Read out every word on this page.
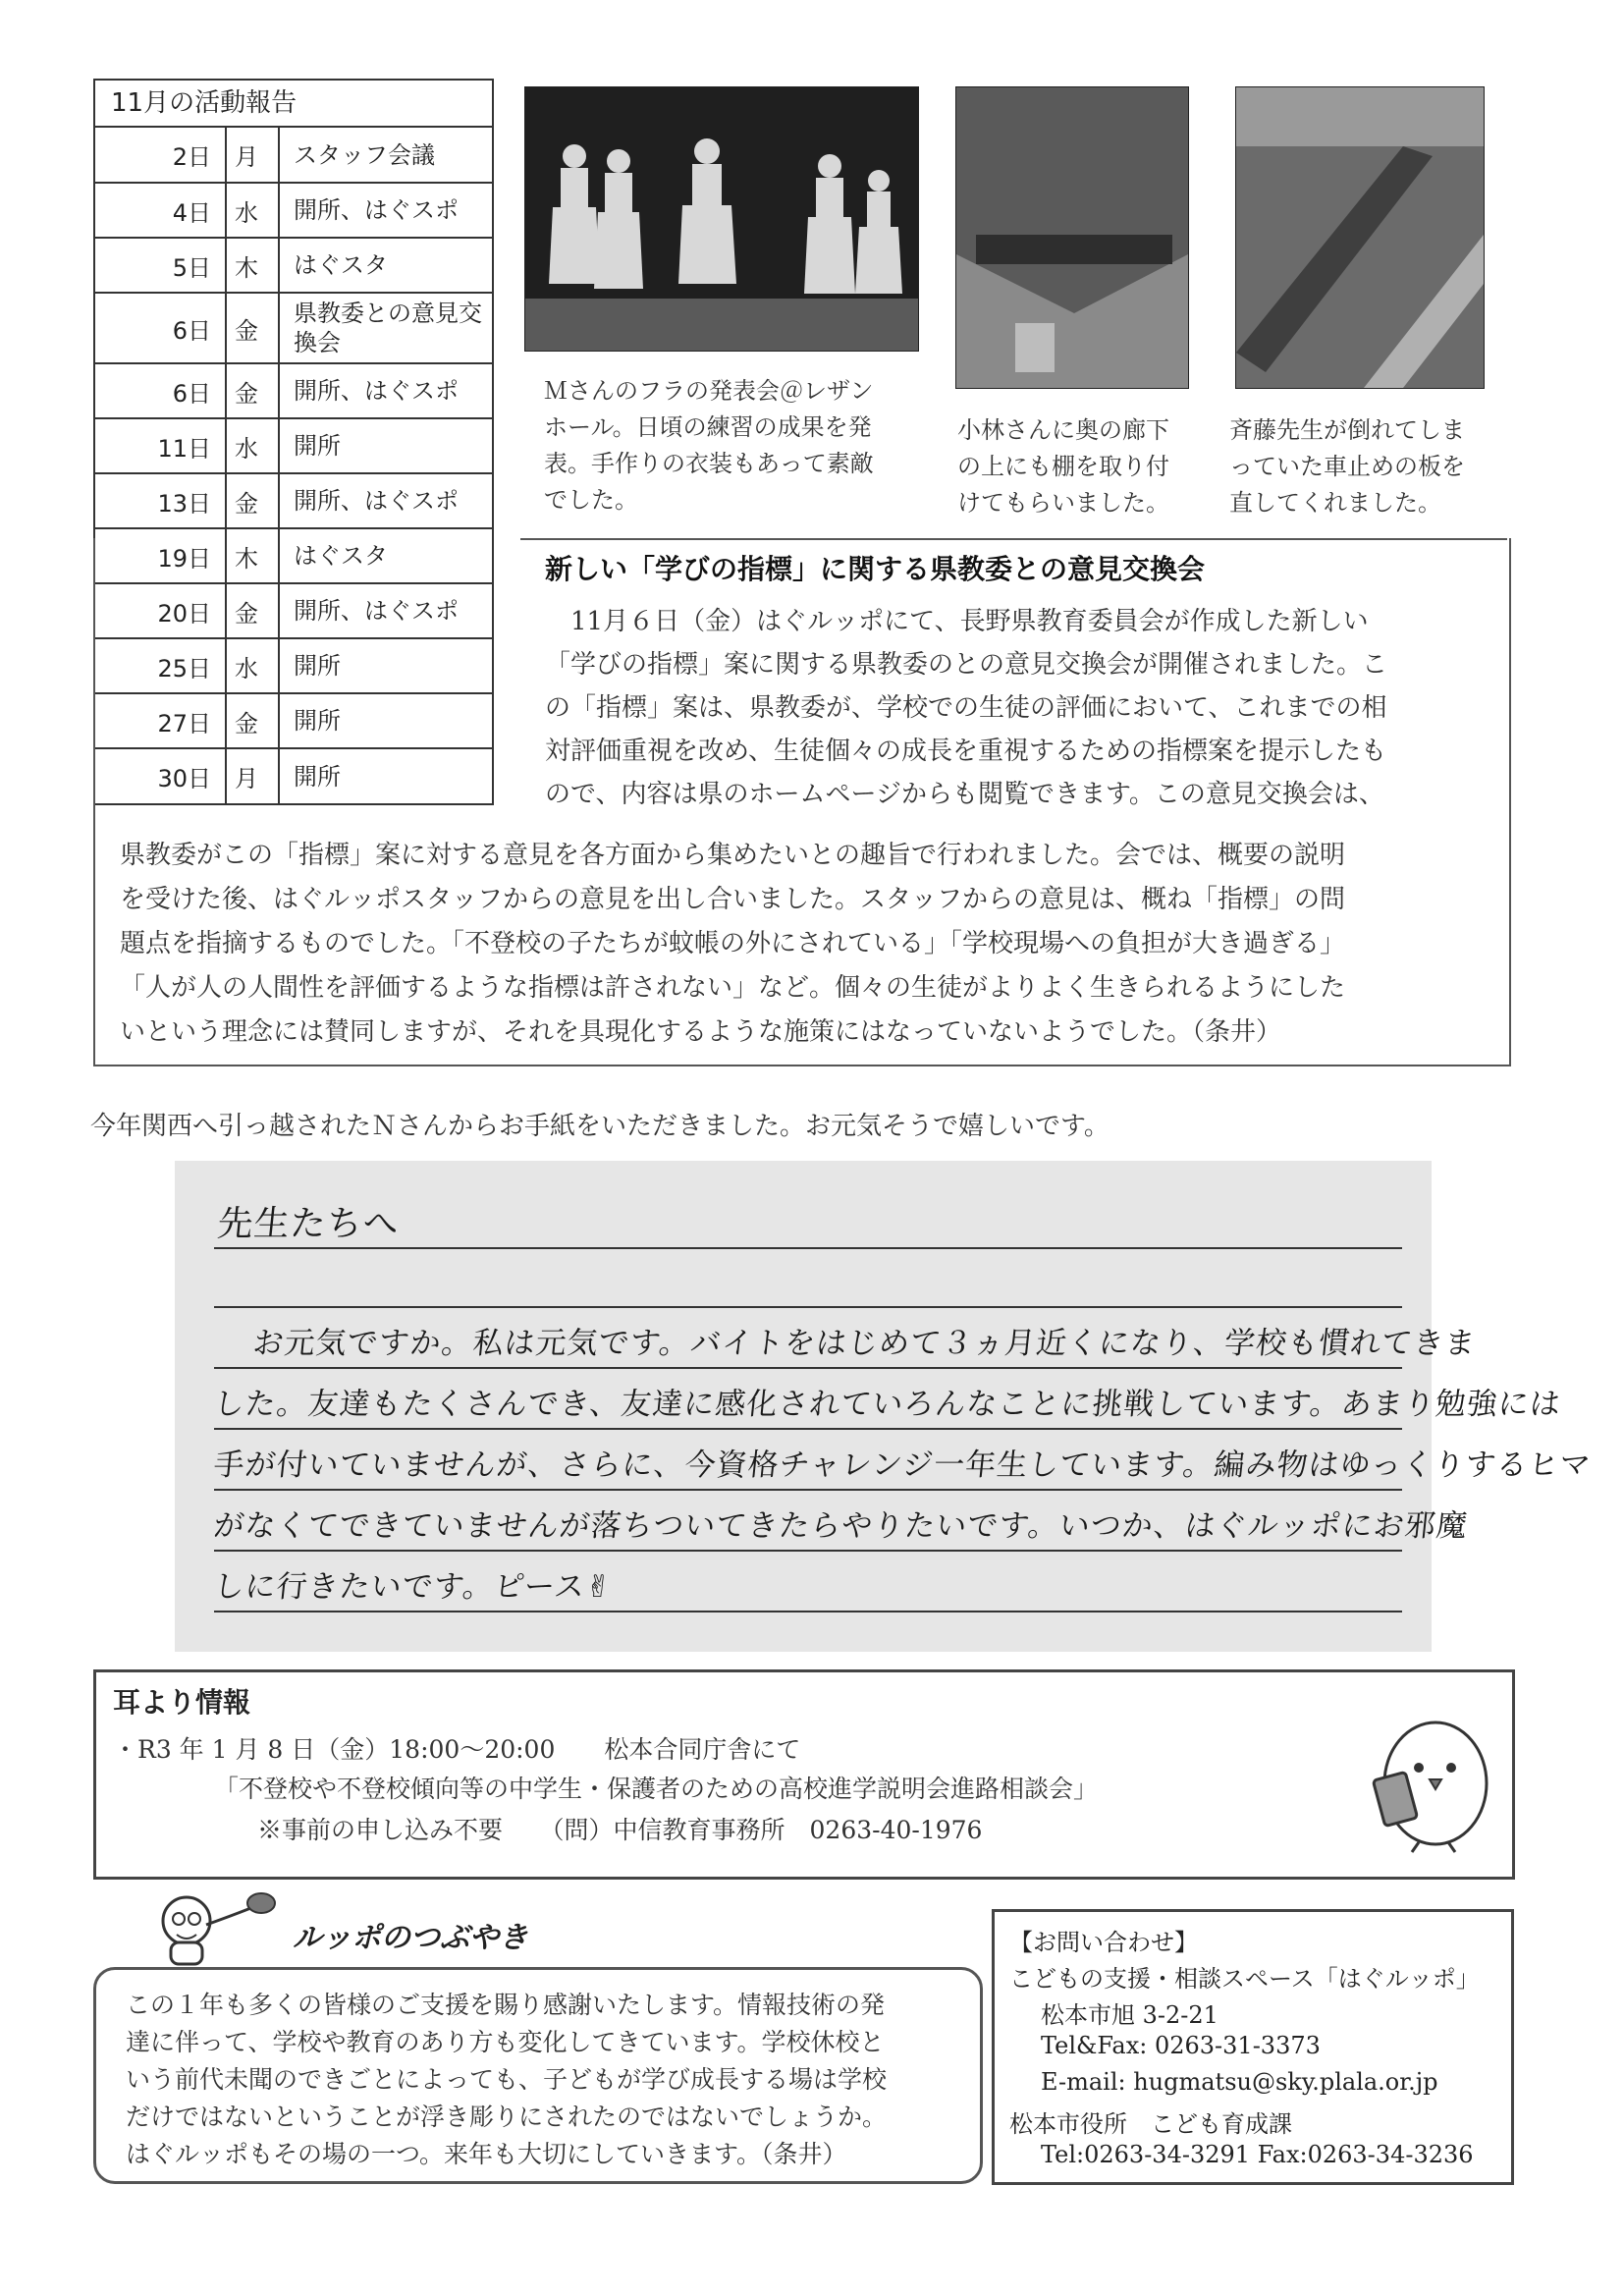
11月の活動報告
2日	月	スタッフ会議
4日	水	開所、はぐスポ
5日	木	はぐスタ
6日	金	県教委との意見交換会
6日	金	開所、はぐスポ
11日	水	開所
13日	金	開所、はぐスポ
19日	木	はぐスタ
20日	金	開所、はぐスポ
25日	水	開所
27日	金	開所
30日	月	開所
Ｍさんのフラの発表会＠レザン
ホール。日頃の練習の成果を発
表。手作りの衣装もあって素敵
でした。
小林さんに奥の廊下
の上にも棚を取り付
けてもらいました。
斉藤先生が倒れてしま
っていた車止めの板を
直してくれました。
新しい「学びの指標」に関する県教委との意見交換会
　11月６日（金）はぐルッポにて、長野県教育委員会が作成した新しい
「学びの指標」案に関する県教委のとの意見交換会が開催されました。こ
の「指標」案は、県教委が、学校での生徒の評価において、これまでの相
対評価重視を改め、生徒個々の成長を重視するための指標案を提示したも
ので、内容は県のホームページからも閲覧できます。この意見交換会は、
県教委がこの「指標」案に対する意見を各方面から集めたいとの趣旨で行われました。会では、概要の説明
を受けた後、はぐルッポスタッフからの意見を出し合いました。スタッフからの意見は、概ね「指標」の問
題点を指摘するものでした。「不登校の子たちが蚊帳の外にされている」「学校現場への負担が大き過ぎる」
「人が人の人間性を評価するような指標は許されない」など。個々の生徒がよりよく生きられるようにした
いという理念には賛同しますが、それを具現化するような施策にはなっていないようでした。（条井）
今年関西へ引っ越されたＮさんからお手紙をいただきました。お元気そうで嬉しいです。
先生たちへ
お元気ですか。私は元気です。バイトをはじめて３ヵ月近くになり、学校も慣れてきま
した。友達もたくさんでき、友達に感化されていろんなことに挑戦しています。あまり勉強には
手が付いていませんが、さらに、今資格チャレンジ一年生しています。編み物はゆっくりするヒマ
がなくてできていませんが落ちついてきたらやりたいです。いつか、はぐルッポにお邪魔
しに行きたいです。ピース✌
耳より情報
・R3 年 1 月 8 日（金）18:00～20:00　　松本合同庁舎にて
「不登校や不登校傾向等の中学生・保護者のための高校進学説明会進路相談会」
※事前の申し込み不要　　（問）中信教育事務所　0263-40-1976
ルッポのつぶやき
この１年も多くの皆様のご支援を賜り感謝いたします。情報技術の発
達に伴って、学校や教育のあり方も変化してきています。学校休校と
いう前代未聞のできごとによっても、子どもが学び成長する場は学校
だけではないということが浮き彫りにされたのではないでしょうか。
はぐルッポもその場の一つ。来年も大切にしていきます。（条井）
【お問い合わせ】
こどもの支援・相談スペース「はぐルッポ」
松本市旭 3-2-21
Tel&Fax: 0263-31-3373
E-mail: hugmatsu@sky.plala.or.jp
松本市役所　こども育成課
Tel:0263-34-3291 Fax:0263-34-3236
